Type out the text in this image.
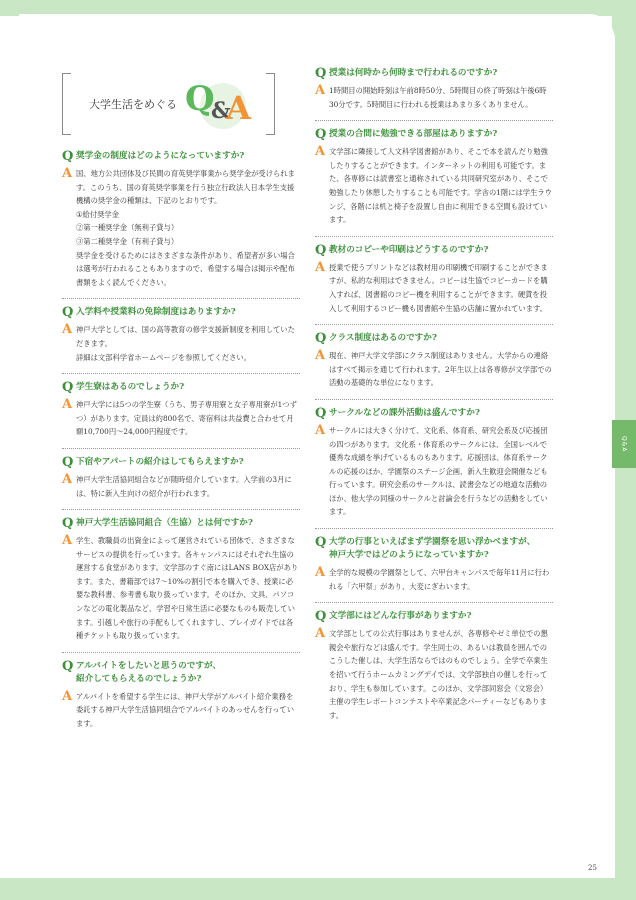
Q&A
大学生活をめぐる Q
&
A
Q 奨学金の制度はどのようになっていますか?
A 国、地方公共団体及び民間の育英奨学事業から奨学金が受けられます。このうち、国の育英奨学事業を行う独立行政法人日本学生支援機構の奨学金の種類は、下記のとおりです。
①給付奨学金
②第一種奨学金（無利子貸与）
③第二種奨学金（有利子貸与）
奨学金を受けるためにはさまざまな条件があり、希望者が多い場合は選考が行われることもありますので、希望する場合は掲示や配布書類をよく読んでください。
Q 入学料や授業料の免除制度はありますか?
A 神戸大学としては、国の高等教育の修学支援新制度を利用していただきます。
詳細は文部科学省ホームページを参照してください。
Q 学生寮はあるのでしょうか?
A 神戸大学には5つの学生寮（うち、男子専用寮と女子専用寮が1つずつ）があります。定員は約800名で、寄宿料は共益費と合わせて月額10,700円～24,000円程度です。
Q 下宿やアパートの紹介はしてもらえますか?
A 神戸大学生活協同組合などが随時紹介しています。入学前の3月には、特に新入生向けの紹介が行われます。
Q 神戸大学生活協同組合（生協）とは何ですか?
A 学生、教職員の出資金によって運営されている団体で、さまざまなサービスの提供を行っています。各キャンパスにはそれぞれ生協の運営する食堂があります。文学部のすぐ南にはLANS BOX店があります。また、書籍部では7～10%の割引で本を購入でき、授業に必要な教科書、参考書も取り扱っています。そのほか、文具、パソコンなどの電化製品など、学習や日常生活に必要なものも販売しています。引越しや旅行の手配もしてくれますし、プレイガイドでは各種チケットも取り扱っています。
Q アルバイトをしたいと思うのですが、
紹介してもらえるのでしょうか?
A アルバイトを希望する学生には、神戸大学がアルバイト紹介業務を委託する神戸大学生活協同組合でアルバイトのあっせんを行っています。
Q 授業は何時から何時まで行われるのですか?
A 1時間目の開始時刻は午前8時50分、5時間目の終了時刻は午後6時30分です。5時間目に行われる授業はあまり多くありません。
Q 授業の合間に勉強できる部屋はありますか?
A 文学部に隣接して人文科学図書館があり、そこで本を読んだり勉強したりすることができます。インターネットの利用も可能です。また、各専修には読書室と通称されている共同研究室があり、そこで勉強したり休憩したりすることも可能です。学舎の1階には学生ラウンジ、各階には机と椅子を設置し自由に利用できる空間も設けています。
Q 教材のコピーや印刷はどうするのですか?
A 授業で使うプリントなどは教材用の印刷機で印刷することができますが、私的な利用はできません。コピーは生協でコピーカードを購入すれば、図書館のコピー機を利用することができます。硬貨を投入して利用するコピー機も図書館や生協の店舗に置かれています。
Q クラス制度はあるのですか?
A 現在、神戸大学文学部にクラス制度はありません。大学からの連絡はすべて掲示を通じて行われます。2年生以上は各専修が文学部での活動の基礎的な単位になります。
Q サークルなどの課外活動は盛んですか?
A サークルには大きく分けて、文化系、体育系、研究会系及び応援団の四つがあります。文化系・体育系のサークルには、全国レベルで優秀な成績を挙げているものもあります。応援団は、体育系サークルの応援のほか、学園祭のステージ企画、新入生歓迎会開催なども行っています。研究会系のサークルは、読書会などの地道な活動のほか、他大学の同様のサークルと討論会を行うなどの活動をしています。
Q 大学の行事といえばまず学園祭を思い浮かべますが、
神戸大学ではどのようになっていますか?
A 全学的な規模の学園祭として、六甲台キャンパスで毎年11月に行われる「六甲祭」があり、大変にぎわいます。
Q 文学部にはどんな行事がありますか?
A 文学部としての公式行事はありませんが、各専修やゼミ単位での懇親会や旅行などは盛んです。学生同士の、あるいは教員を囲んでのこうした催しは、大学生活ならではのものでしょう。全学で卒業生を招いて行うホームカミングデイでは、文学部独自の催しを行っており、学生も参加しています。このほか、文学部同窓会（文窓会）主催の学生レポートコンテストや卒業記念パーティーなどもあります。
25
